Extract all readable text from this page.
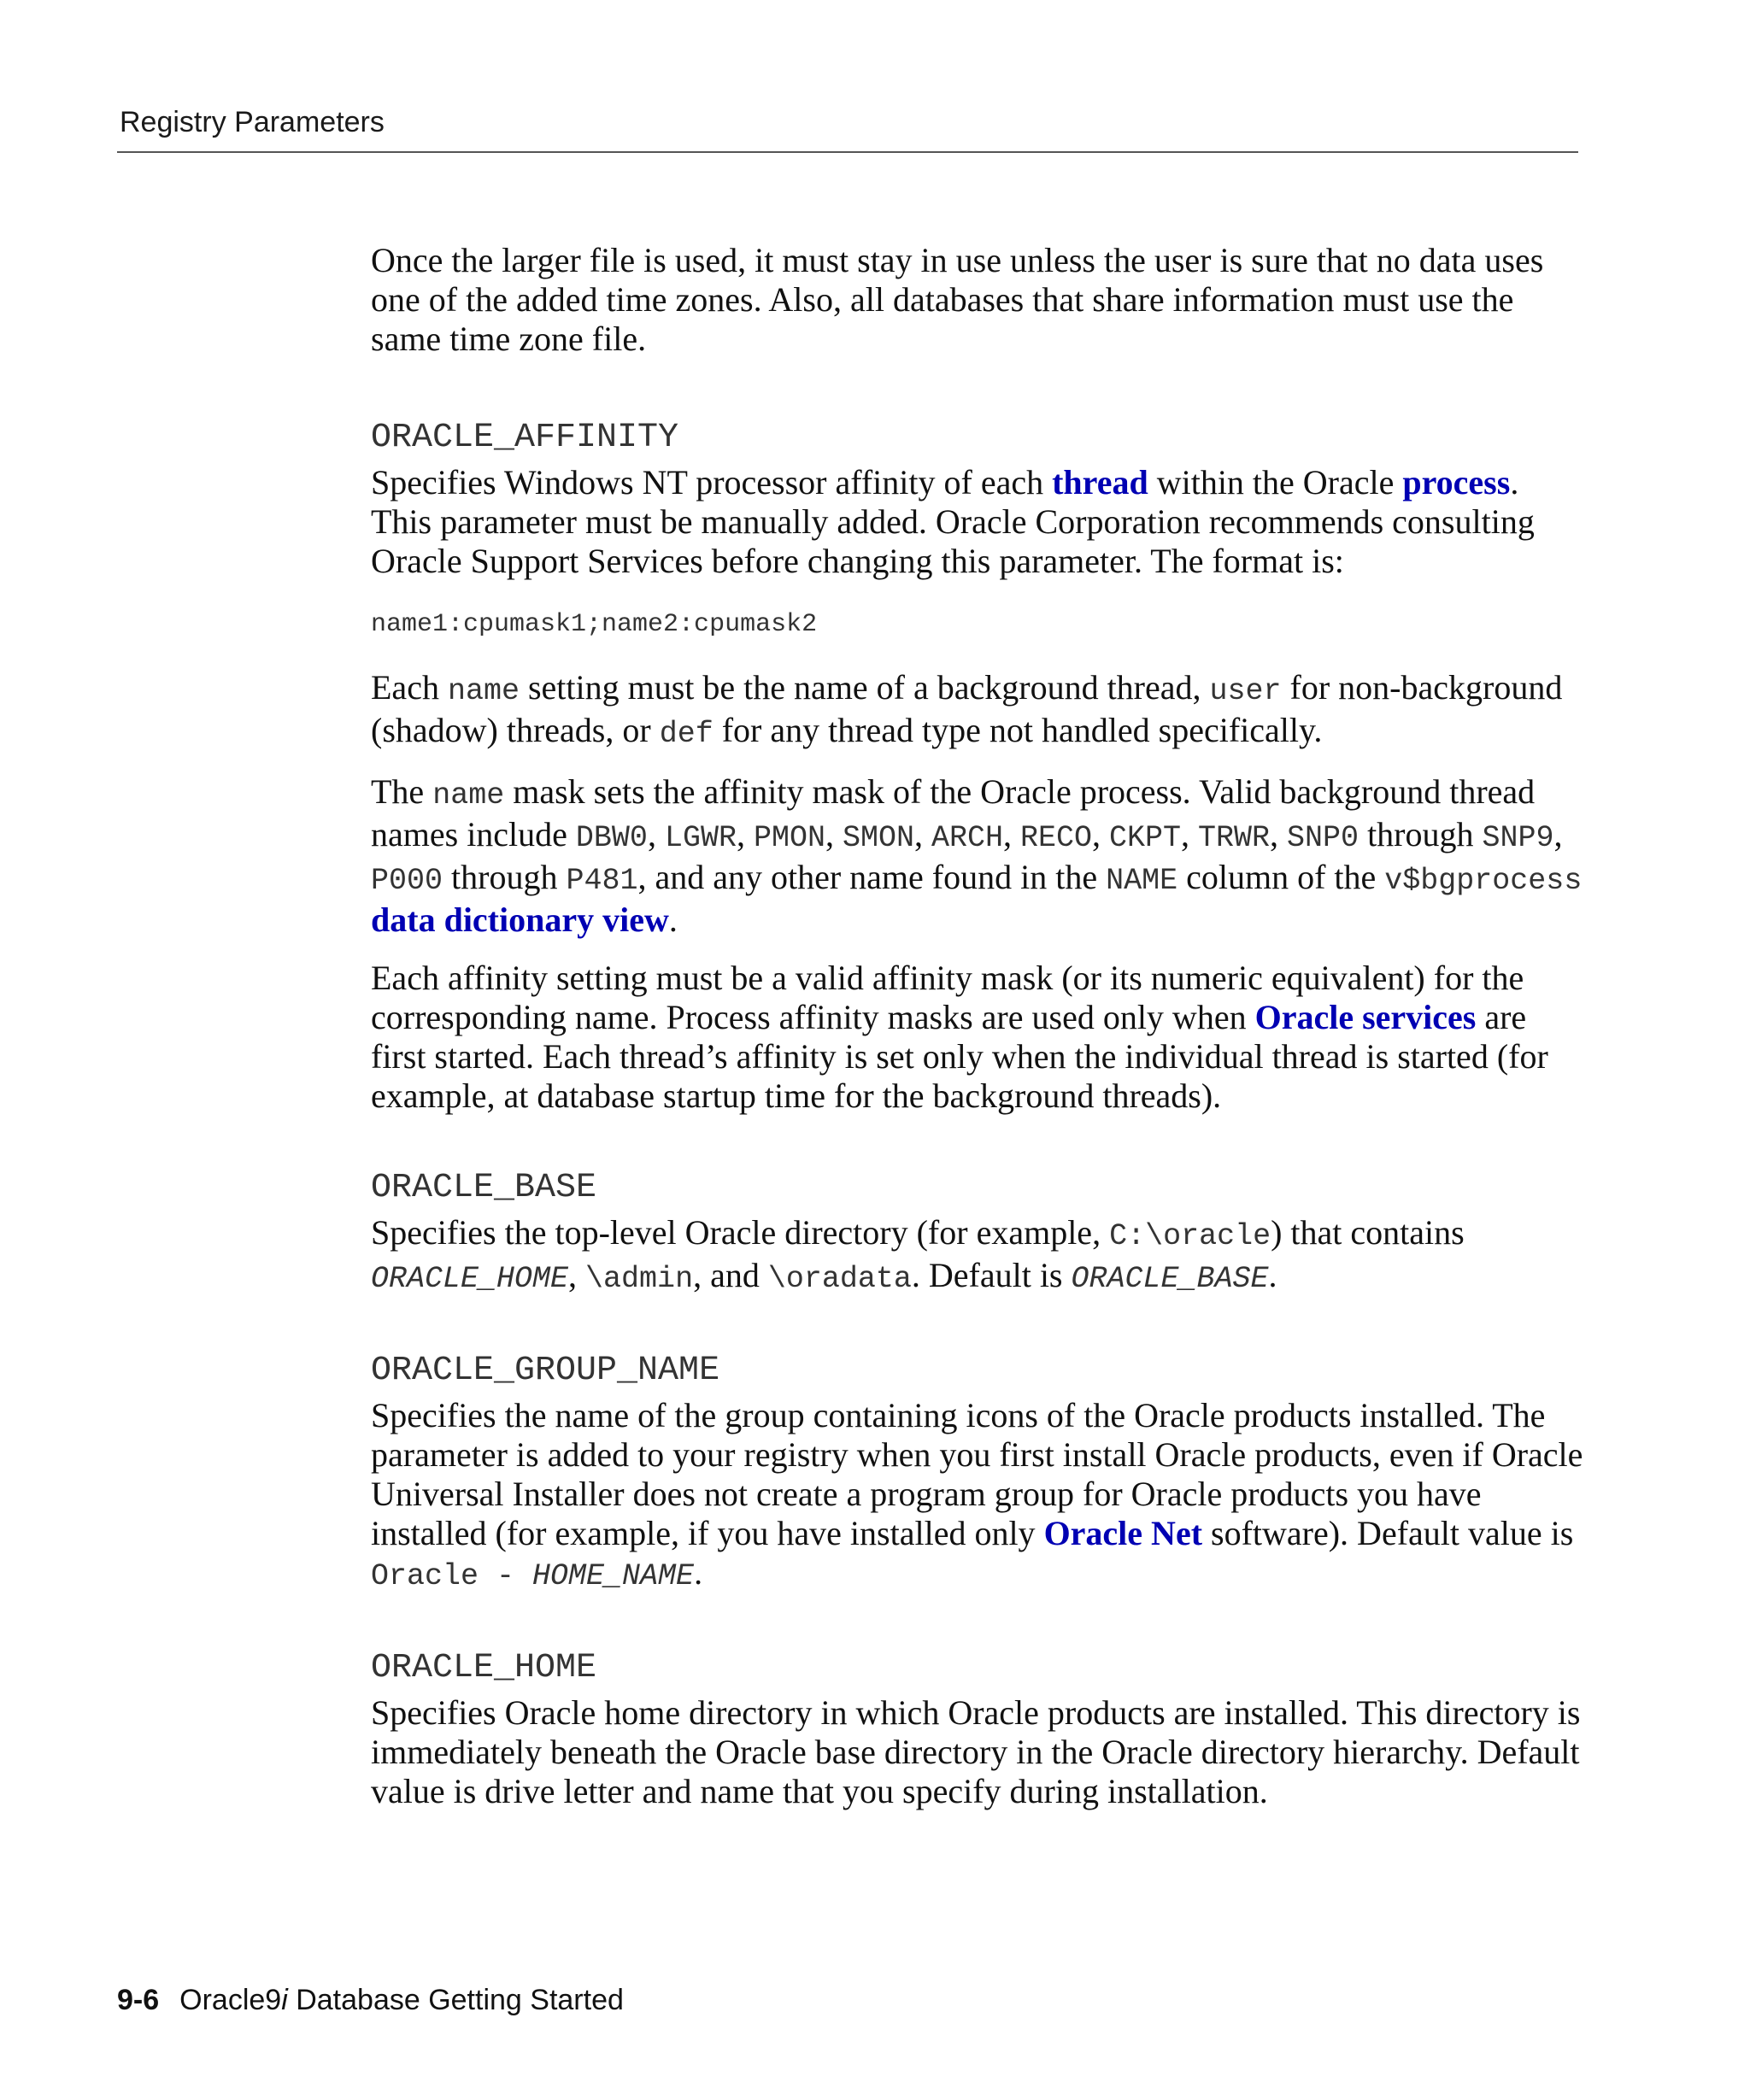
Registry Parameters

Once the larger file is used, it must stay in use unless the user is sure that no data uses one of the added time zones. Also, all databases that share information must use the same time zone file.

ORACLE_AFFINITY

Specifies Windows NT processor affinity of each thread within the Oracle process. This parameter must be manually added. Oracle Corporation recommends consulting Oracle Support Services before changing this parameter. The format is:

name1:cpumask1;name2:cpumask2

Each name setting must be the name of a background thread, user for non-background (shadow) threads, or def for any thread type not handled specifically.

The name mask sets the affinity mask of the Oracle process. Valid background thread names include DBW0, LGWR, PMON, SMON, ARCH, RECO, CKPT, TRWR, SNP0 through SNP9, P000 through P481, and any other name found in the NAME column of the v$bgprocess data dictionary view.

Each affinity setting must be a valid affinity mask (or its numeric equivalent) for the corresponding name. Process affinity masks are used only when Oracle services are first started. Each thread’s affinity is set only when the individual thread is started (for example, at database startup time for the background threads).

ORACLE_BASE

Specifies the top-level Oracle directory (for example, C:\oracle) that contains ORACLE_HOME, \admin, and \oradata. Default is ORACLE_BASE.

ORACLE_GROUP_NAME

Specifies the name of the group containing icons of the Oracle products installed. The parameter is added to your registry when you first install Oracle products, even if Oracle Universal Installer does not create a program group for Oracle products you have installed (for example, if you have installed only Oracle Net software). Default value is Oracle - HOME_NAME.

ORACLE_HOME

Specifies Oracle home directory in which Oracle products are installed. This directory is immediately beneath the Oracle base directory in the Oracle directory hierarchy. Default value is drive letter and name that you specify during installation.

9-6 Oracle9i Database Getting Started
